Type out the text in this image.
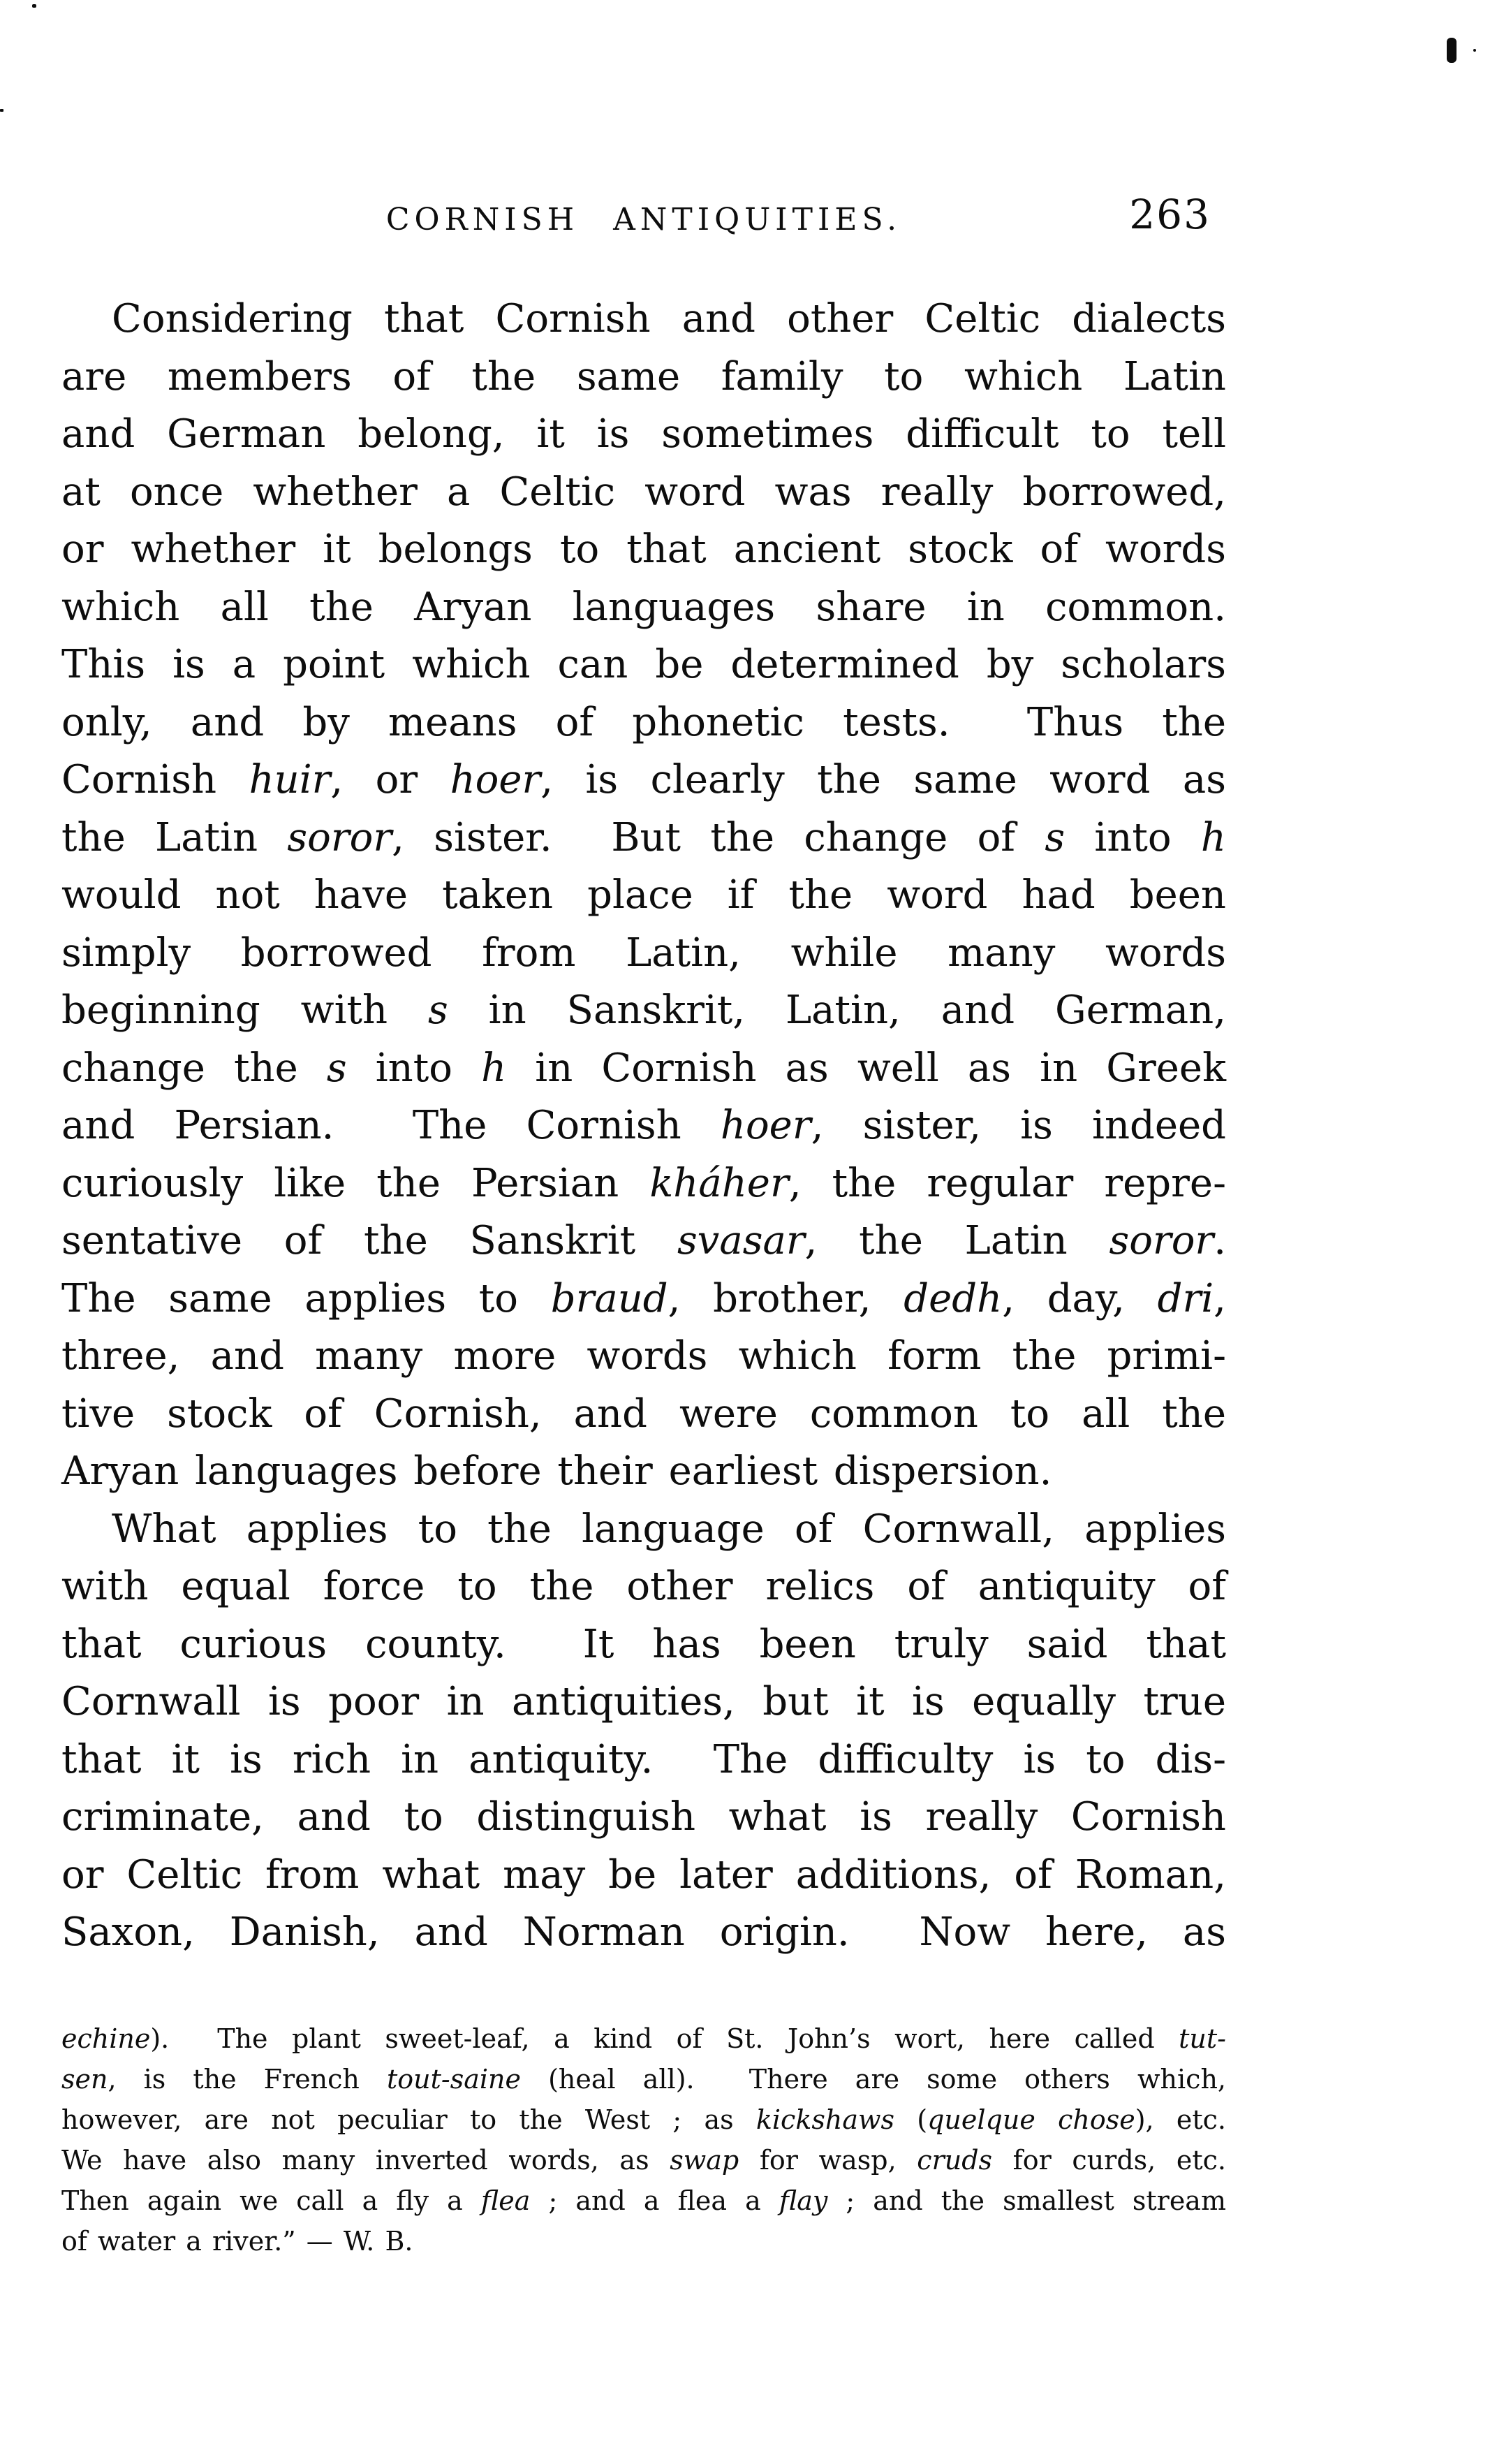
CORNISH ANTIQUITIES.	263
Considering that Cornish and other Celtic dialects
are members of the same family to which Latin
and German belong, it is sometimes difficult to tell
at once whether a Celtic word was really borrowed,
or whether it belongs to that ancient stock of words
which all the Aryan languages share in common.
This is a point which can be determined by scholars
only, and by means of phonetic tests.  Thus the
Cornish huir, or hoer, is clearly the same word as
the Latin soror, sister.  But the change of s into h
would not have taken place if the word had been
simply borrowed from Latin, while many words
beginning with s in Sanskrit, Latin, and German,
change the s into h in Cornish as well as in Greek
and Persian.  The Cornish hoer, sister, is indeed
curiously like the Persian kháher, the regular repre-
sentative of the Sanskrit svasar, the Latin soror.
The same applies to braud, brother, dedh, day, dri,
three, and many more words which form the primi-
tive stock of Cornish, and were common to all the
Aryan languages before their earliest dispersion.
What applies to the language of Cornwall, applies
with equal force to the other relics of antiquity of
that curious county.  It has been truly said that
Cornwall is poor in antiquities, but it is equally true
that it is rich in antiquity.  The difficulty is to dis-
criminate, and to distinguish what is really Cornish
or Celtic from what may be later additions, of Roman,
Saxon, Danish, and Norman origin.  Now here, as
echine).  The plant sweet-leaf, a kind of St. John’s wort, here called tut-
sen, is the French tout-saine (heal all).  There are some others which,
however, are not peculiar to the West ; as kickshaws (quelque chose), etc.
We have also many inverted words, as swap for wasp, cruds for curds, etc.
Then again we call a fly a flea ; and a flea a flay ; and the smallest stream
of water a river.” — W. B.
